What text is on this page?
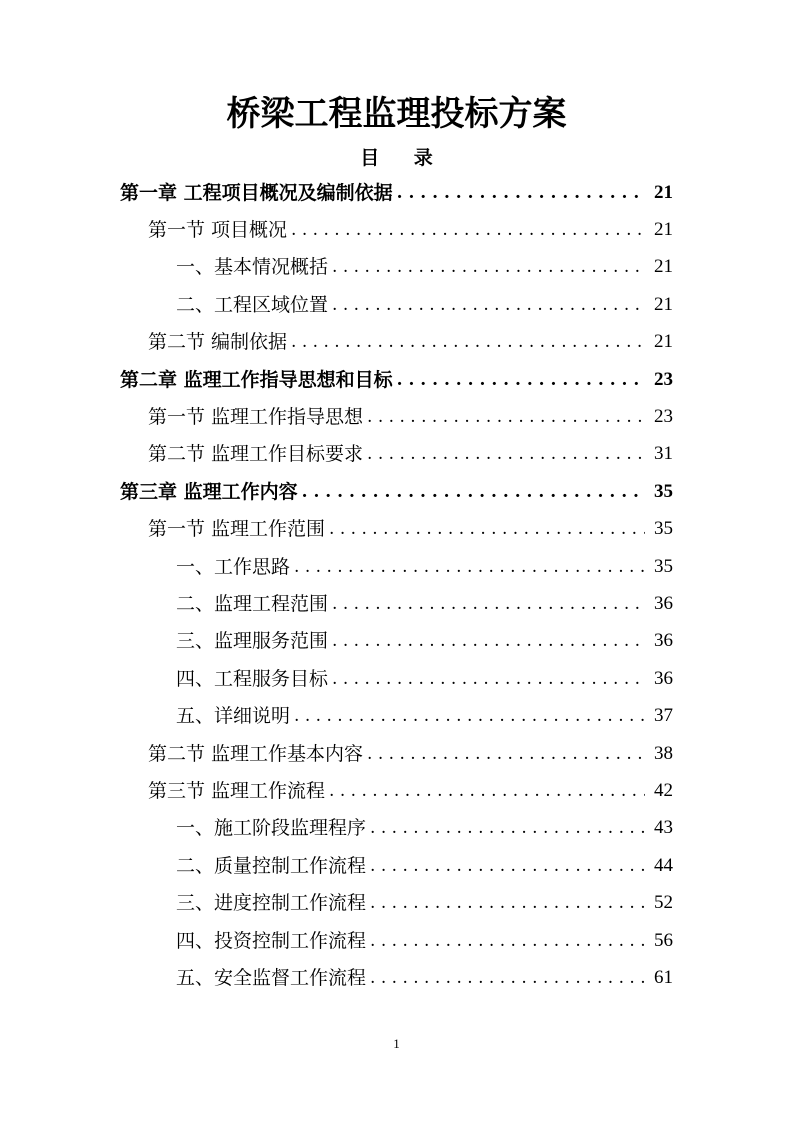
桥梁工程监理投标方案
目 录
第一章 工程项目概况及编制依据 . . .	21
第一节 项目概况 . . .	21
一、基本情况概括 . . .	21
二、工程区域位置 . . .	21
第二节 编制依据 . . .	21
第二章 监理工作指导思想和目标 . . .	23
第一节 监理工作指导思想 . . .	23
第二节 监理工作目标要求 . . .	31
第三章 监理工作内容 . . .	35
第一节 监理工作范围 . . .	35
一、工作思路 . . .	35
二、监理工程范围 . . .	36
三、监理服务范围 . . .	36
四、工程服务目标 . . .	36
五、详细说明 . . .	37
第二节 监理工作基本内容 . . .	38
第三节 监理工作流程 . . .	42
一、施工阶段监理程序 . . .	43
二、质量控制工作流程 . . .	44
三、进度控制工作流程 . . .	52
四、投资控制工作流程 . . .	56
五、安全监督工作流程 . . .	61
1
